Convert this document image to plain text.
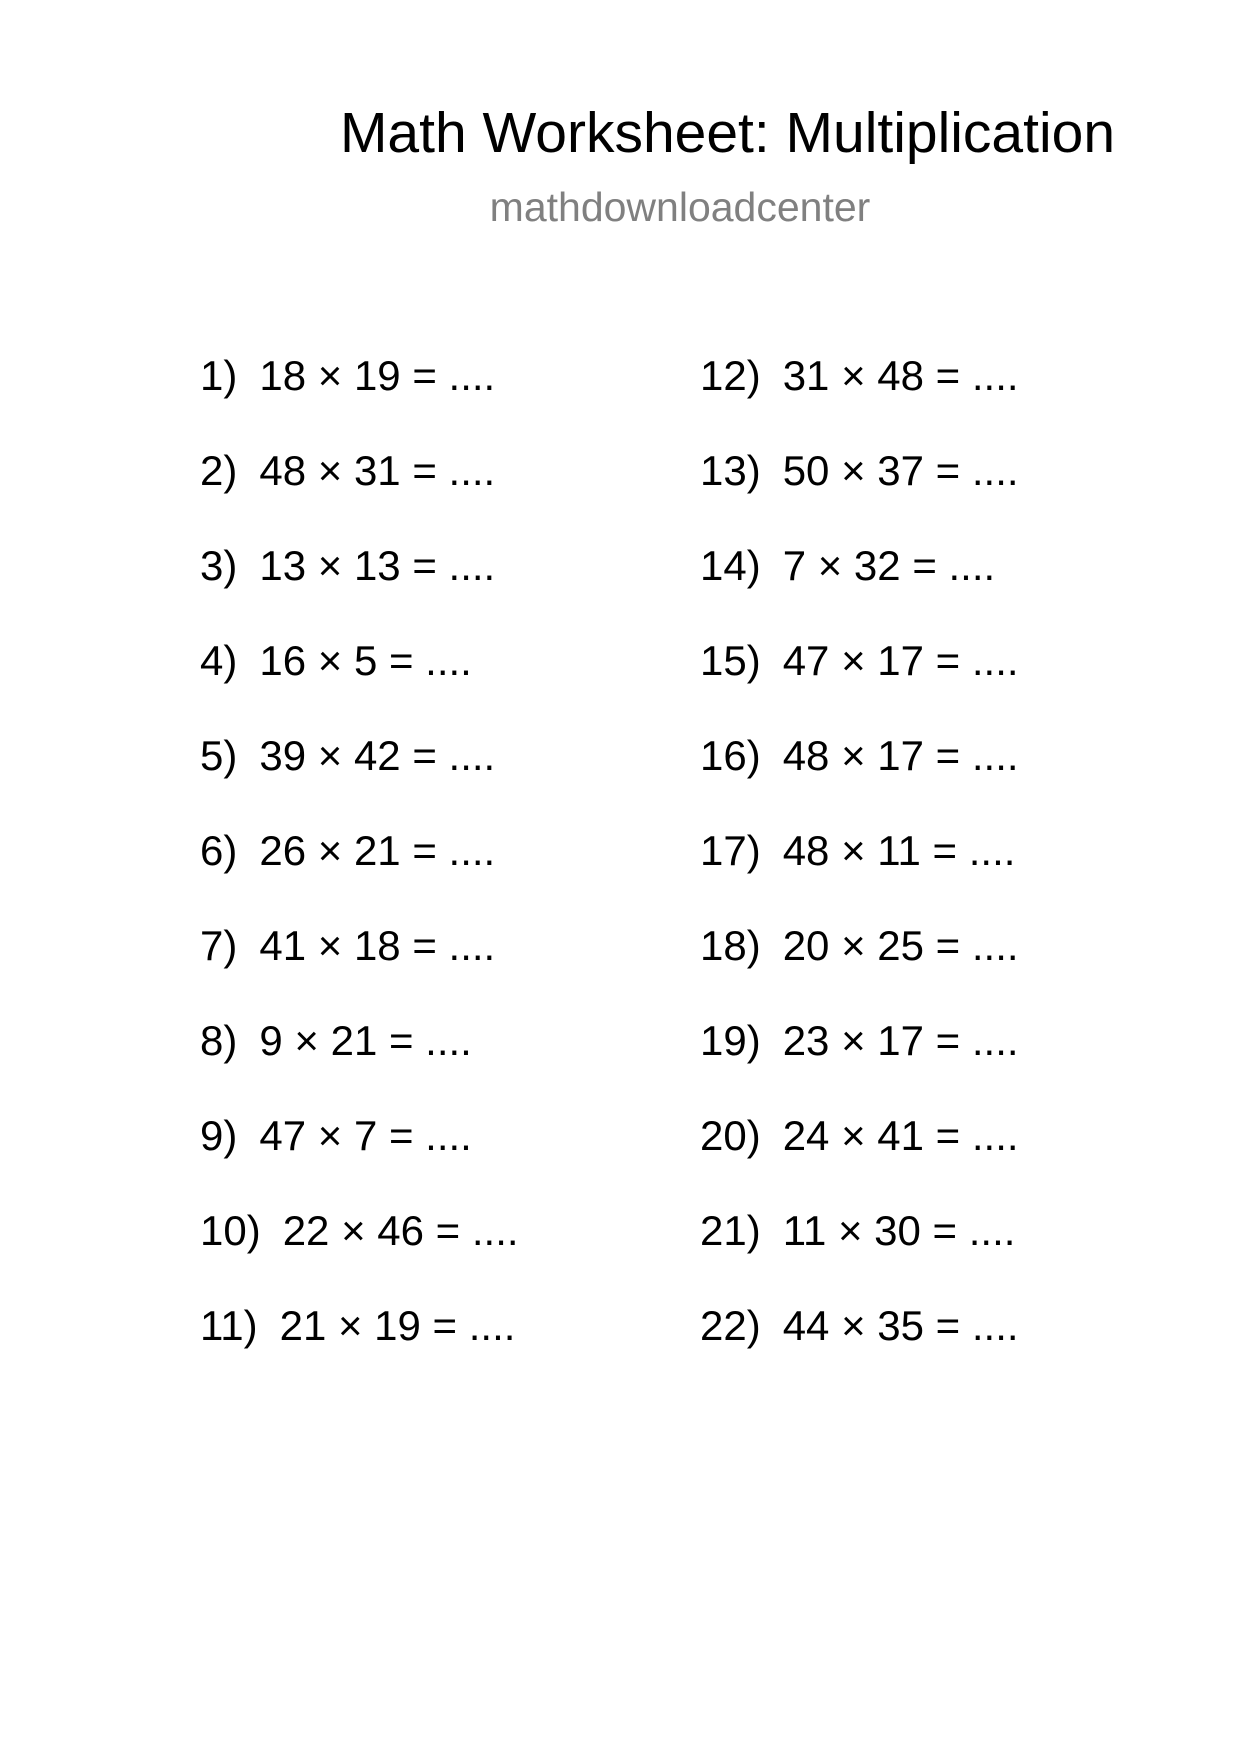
Math Worksheet: Multiplication
mathdownloadcenter
1) 18 × 19 = ....
2) 48 × 31 = ....
3) 13 × 13 = ....
4) 16 × 5 = ....
5) 39 × 42 = ....
6) 26 × 21 = ....
7) 41 × 18 = ....
8) 9 × 21 = ....
9) 47 × 7 = ....
10) 22 × 46 = ....
11) 21 × 19 = ....
12) 31 × 48 = ....
13) 50 × 37 = ....
14) 7 × 32 = ....
15) 47 × 17 = ....
16) 48 × 17 = ....
17) 48 × 11 = ....
18) 20 × 25 = ....
19) 23 × 17 = ....
20) 24 × 41 = ....
21) 11 × 30 = ....
22) 44 × 35 = ....
